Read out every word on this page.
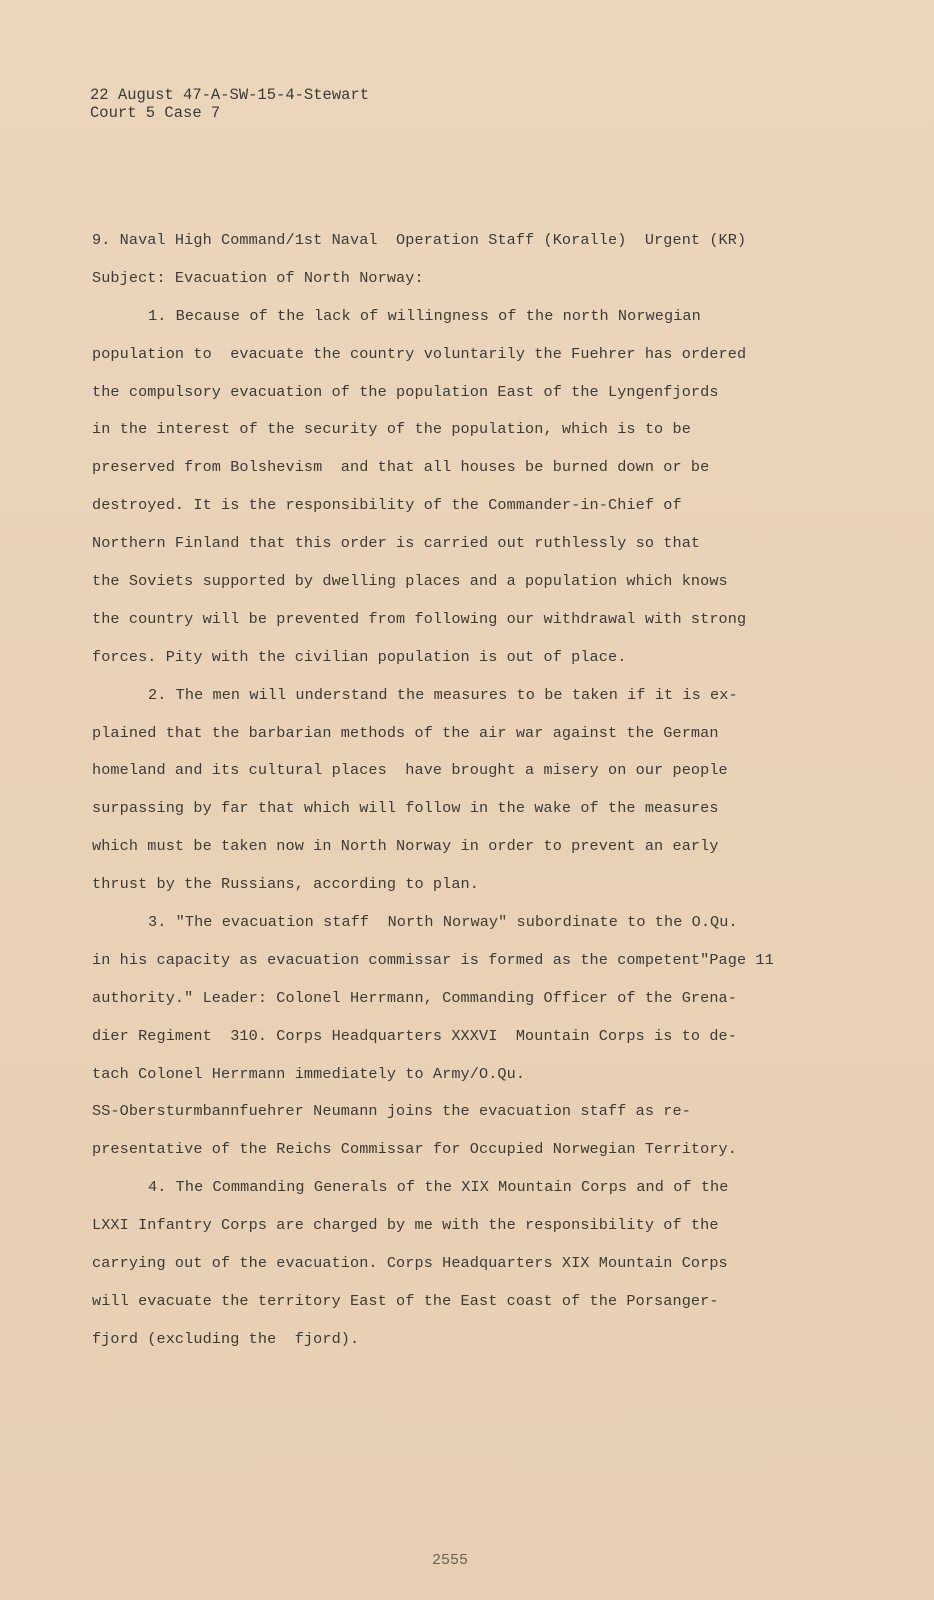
22 August 47-A-SW-15-4-Stewart
Court 5 Case 7
9. Naval High Command/1st Naval  Operation Staff (Koralle)  Urgent (KR)
Subject: Evacuation of North Norway:
1. Because of the lack of willingness of the north Norwegian
population to  evacuate the country voluntarily the Fuehrer has ordered
the compulsory evacuation of the population East of the Lyngenfjords
in the interest of the security of the population, which is to be
preserved from Bolshevism  and that all houses be burned down or be
destroyed. It is the responsibility of the Commander-in-Chief of
Northern Finland that this order is carried out ruthlessly so that
the Soviets supported by dwelling places and a population which knows
the country will be prevented from following our withdrawal with strong
forces. Pity with the civilian population is out of place.
2. The men will understand the measures to be taken if it is ex-
plained that the barbarian methods of the air war against the German
homeland and its cultural places  have brought a misery on our people
surpassing by far that which will follow in the wake of the measures
which must be taken now in North Norway in order to prevent an early
thrust by the Russians, according to plan.
3. "The evacuation staff  North Norway" subordinate to the O.Qu.
in his capacity as evacuation commissar is formed as the competent"Page 11
authority." Leader: Colonel Herrmann, Commanding Officer of the Grena-
dier Regiment  310. Corps Headquarters XXXVI  Mountain Corps is to de-
tach Colonel Herrmann immediately to Army/O.Qu.
SS-Obersturmbannfuehrer Neumann joins the evacuation staff as re-
presentative of the Reichs Commissar for Occupied Norwegian Territory.
4. The Commanding Generals of the XIX Mountain Corps and of the
LXXI Infantry Corps are charged by me with the responsibility of the
carrying out of the evacuation. Corps Headquarters XIX Mountain Corps
will evacuate the territory East of the East coast of the Porsanger-
fjord (excluding the  fjord).
2555
